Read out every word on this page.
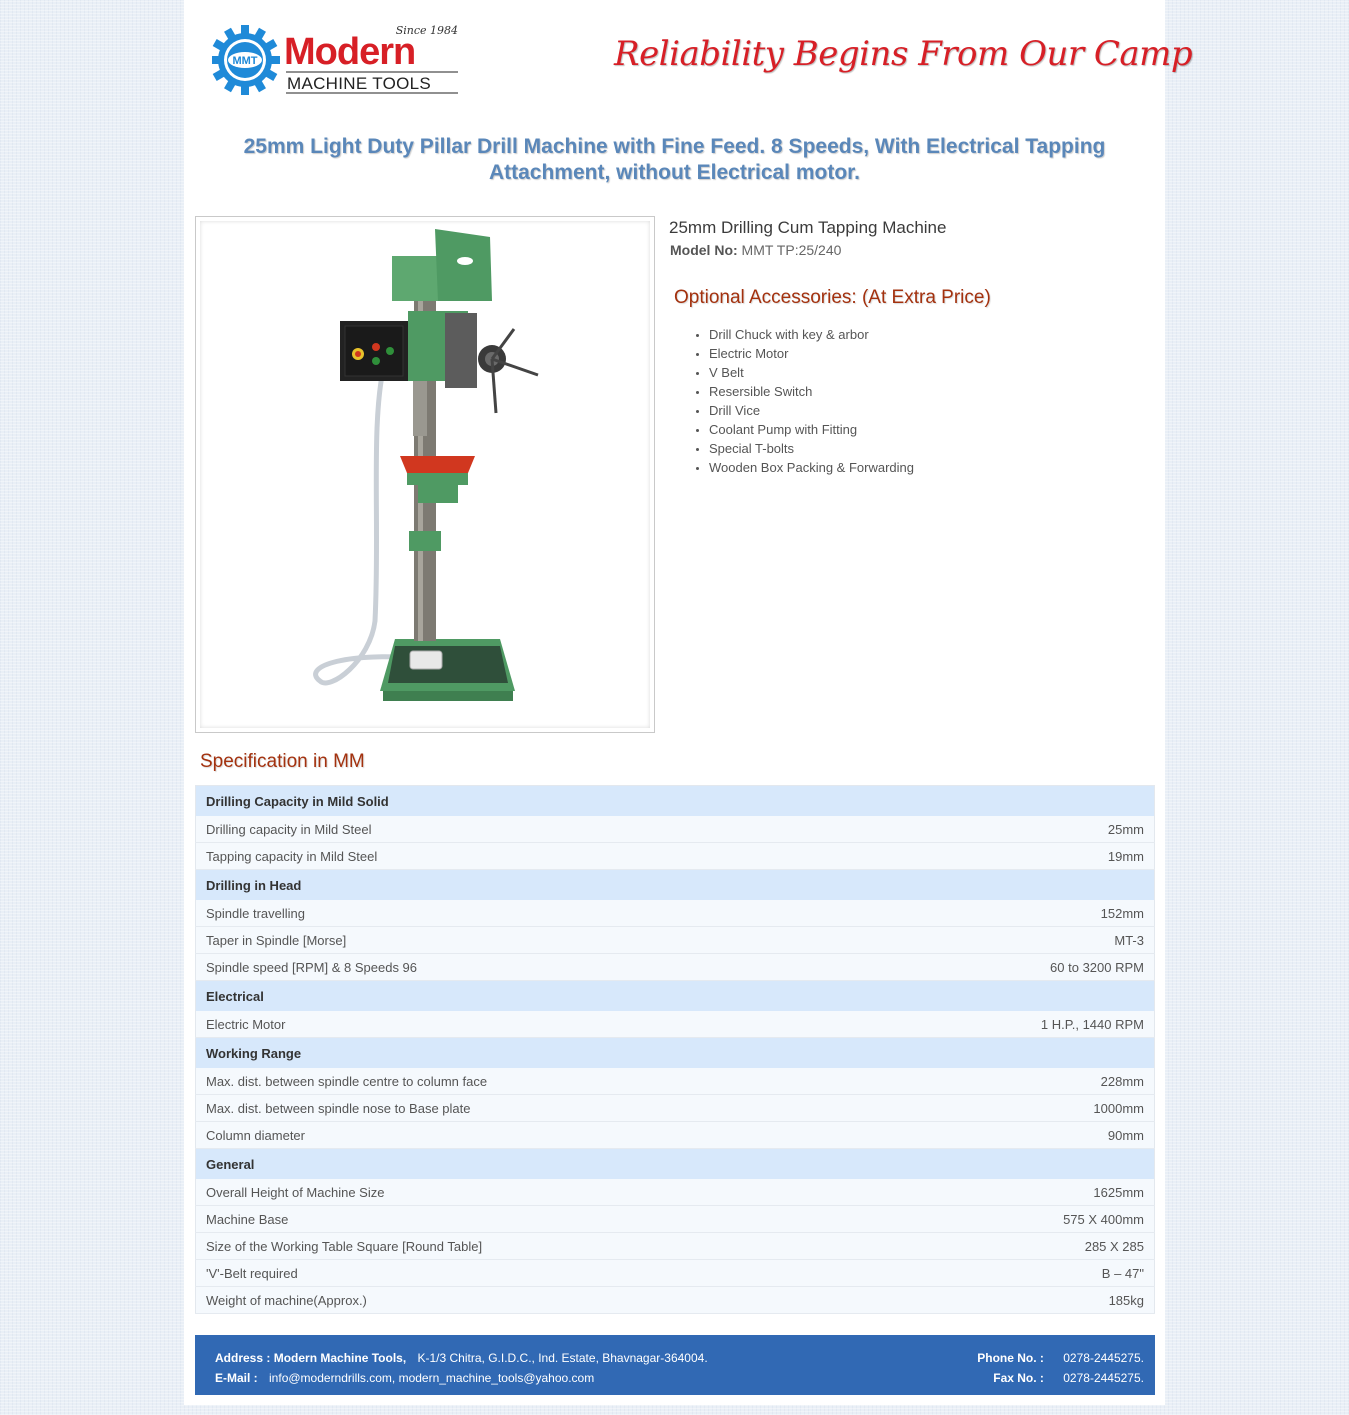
MMT
Since 1984
Modern
MACHINE TOOLS
Reliability Begins From Our Camp
25mm Light Duty Pillar Drill Machine with Fine Feed. 8 Speeds, With Electrical Tapping Attachment, without Electrical motor.
25mm Drilling Cum Tapping Machine
Model No: MMT TP:25/240
Optional Accessories: (At Extra Price)
• Drill Chuck with key & arbor
• Electric Motor
• V Belt
• Resersible Switch
• Drill Vice
• Coolant Pump with Fitting
• Special T-bolts
• Wooden Box Packing & Forwarding
Specification in MM
Drilling Capacity in Mild Solid	
Drilling capacity in Mild Steel	25mm
Tapping capacity in Mild Steel	19mm
Drilling in Head	
Spindle travelling	152mm
Taper in Spindle [Morse]	MT-3
Spindle speed [RPM] & 8 Speeds 96	60 to 3200 RPM
Electrical	
Electric Motor	1 H.P., 1440 RPM
Working Range	
Max. dist. between spindle centre to column face	228mm
Max. dist. between spindle nose to Base plate	1000mm
Column diameter	90mm
General	
Overall Height of Machine Size	1625mm
Machine Base	575 X 400mm
Size of the Working Table Square [Round Table]	285 X 285
'V'-Belt required	B – 47"
Weight of machine(Approx.)	185kg
Address : Modern Machine Tools, K-1/3 Chitra, G.I.D.C., Ind. Estate, Bhavnagar-364004.
E-Mail : info@moderndrills.com, modern_machine_tools@yahoo.com
Phone No. : 0278-2445275.
Fax No. : 0278-2445275.
